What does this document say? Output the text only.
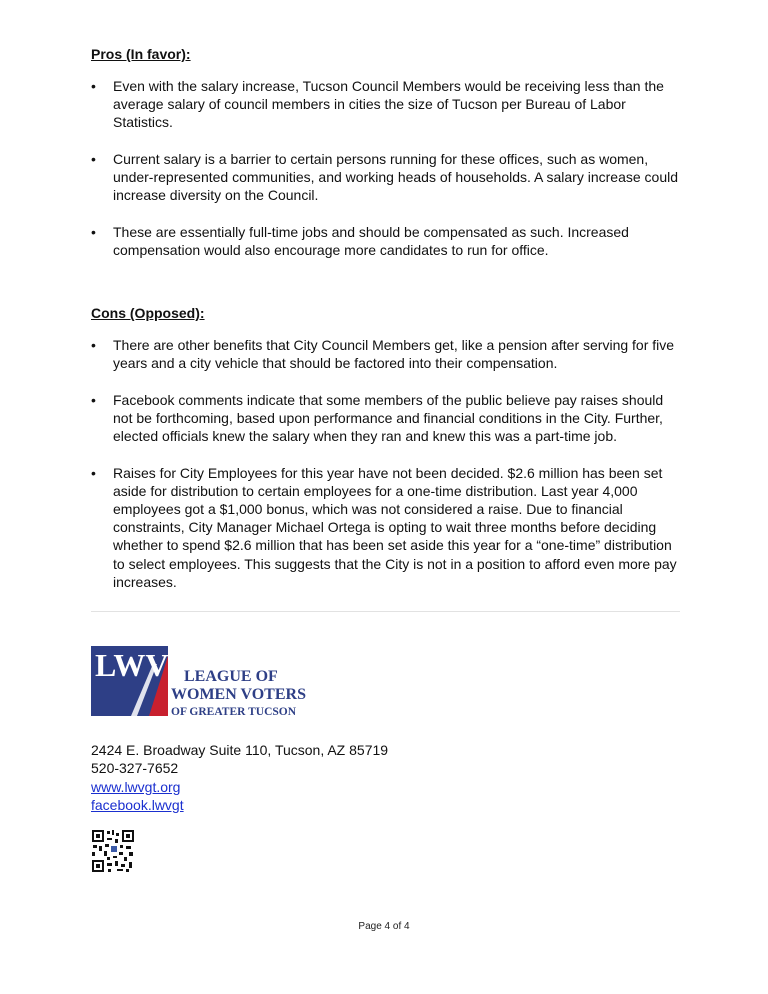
Pros (In favor):
•	Even with the salary increase, Tucson Council Members would be receiving less than the average salary of council members in cities the size of Tucson per Bureau of Labor Statistics.
•	Current salary is a barrier to certain persons running for these offices, such as women, under-represented communities, and working heads of households. A salary increase could increase diversity on the Council.
•	These are essentially full-time jobs and should be compensated as such. Increased compensation would also encourage more candidates to run for office.
Cons (Opposed):
•	There are other benefits that City Council Members get, like a pension after serving for five years and a city vehicle that should be factored into their compensation.
•	Facebook comments indicate that some members of the public believe pay raises should not be forthcoming, based upon performance and financial conditions in the City. Further, elected officials knew the salary when they ran and knew this was a part-time job.
•	Raises for City Employees for this year have not been decided. $2.6 million has been set aside for distribution to certain employees for a one-time distribution. Last year 4,000 employees got a $1,000 bonus, which was not considered a raise. Due to financial constraints, City Manager Michael Ortega is opting to wait three months before deciding whether to spend $2.6 million that has been set aside this year for a “one-time” distribution to select employees. This suggests that the City is not in a position to afford even more pay increases.
LWV LEAGUE OF
WOMEN VOTERS
OF GREATER TUCSON
2424 E. Broadway Suite 110, Tucson, AZ 85719
520-327-7652
www.lwvgt.org
facebook.lwvgt
Page 4 of 4
